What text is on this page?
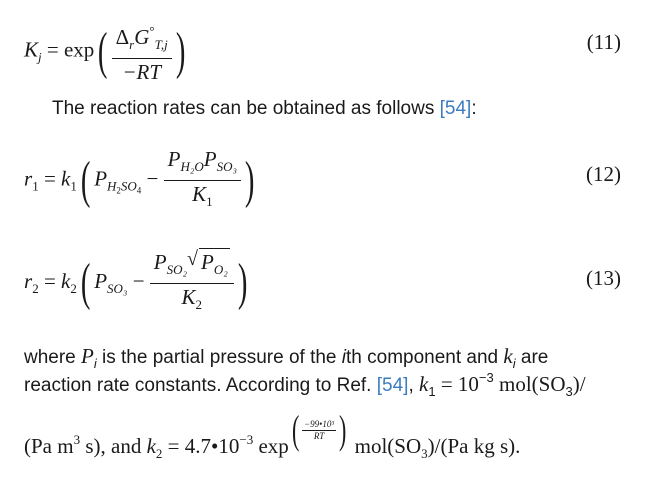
$K_j = \exp( \frac{\Delta_rG^\circ_{T,j}}{-RT}$ )	(11)
The reaction rates can be obtained as follows [54]:
$r_1 = k_1$( $P_{H2SO4} - \frac{P_{H_2O}P_{SO_3}}{K_1}$ )	(12)
$r_2 = k_2$( $P_{SO_3} - \frac{P_{SO_2} √ P_{O_2}}{K_2}$ )	(13)
where $P_i$ is the partial pressure of the ith component and $k_i$ are
reaction rate constants. According to Ref. [54], $k_1 = 10^{-3}$ $mol(SO_3)/$
(Pa $m_3$ s), and $k_2$ = $4.7•10_{-3}$ $\exp( \frac{\text{−99•10³}}{RT}$ ) $mol(SO_3)/(Pa$ kg s).
